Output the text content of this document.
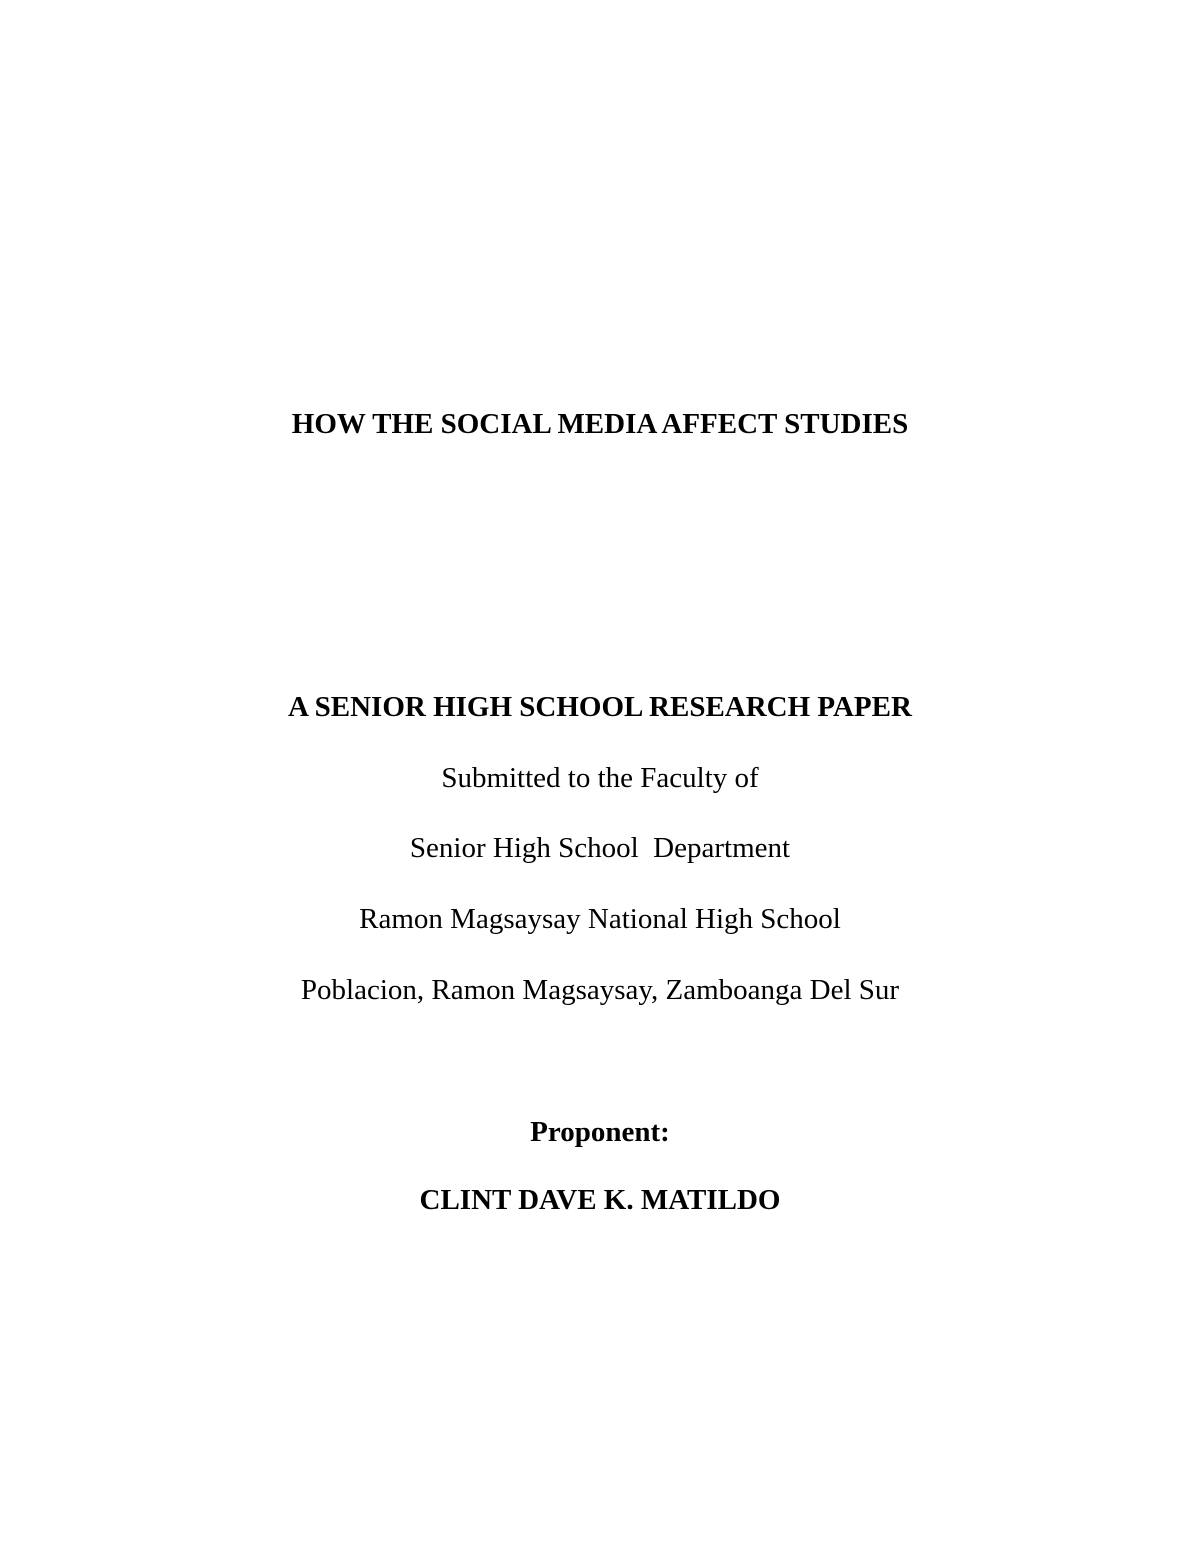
HOW THE SOCIAL MEDIA AFFECT STUDIES
A SENIOR HIGH SCHOOL RESEARCH PAPER
Submitted to the Faculty of
Senior High School  Department
Ramon Magsaysay National High School
Poblacion, Ramon Magsaysay, Zamboanga Del Sur
Proponent:
CLINT DAVE K. MATILDO
